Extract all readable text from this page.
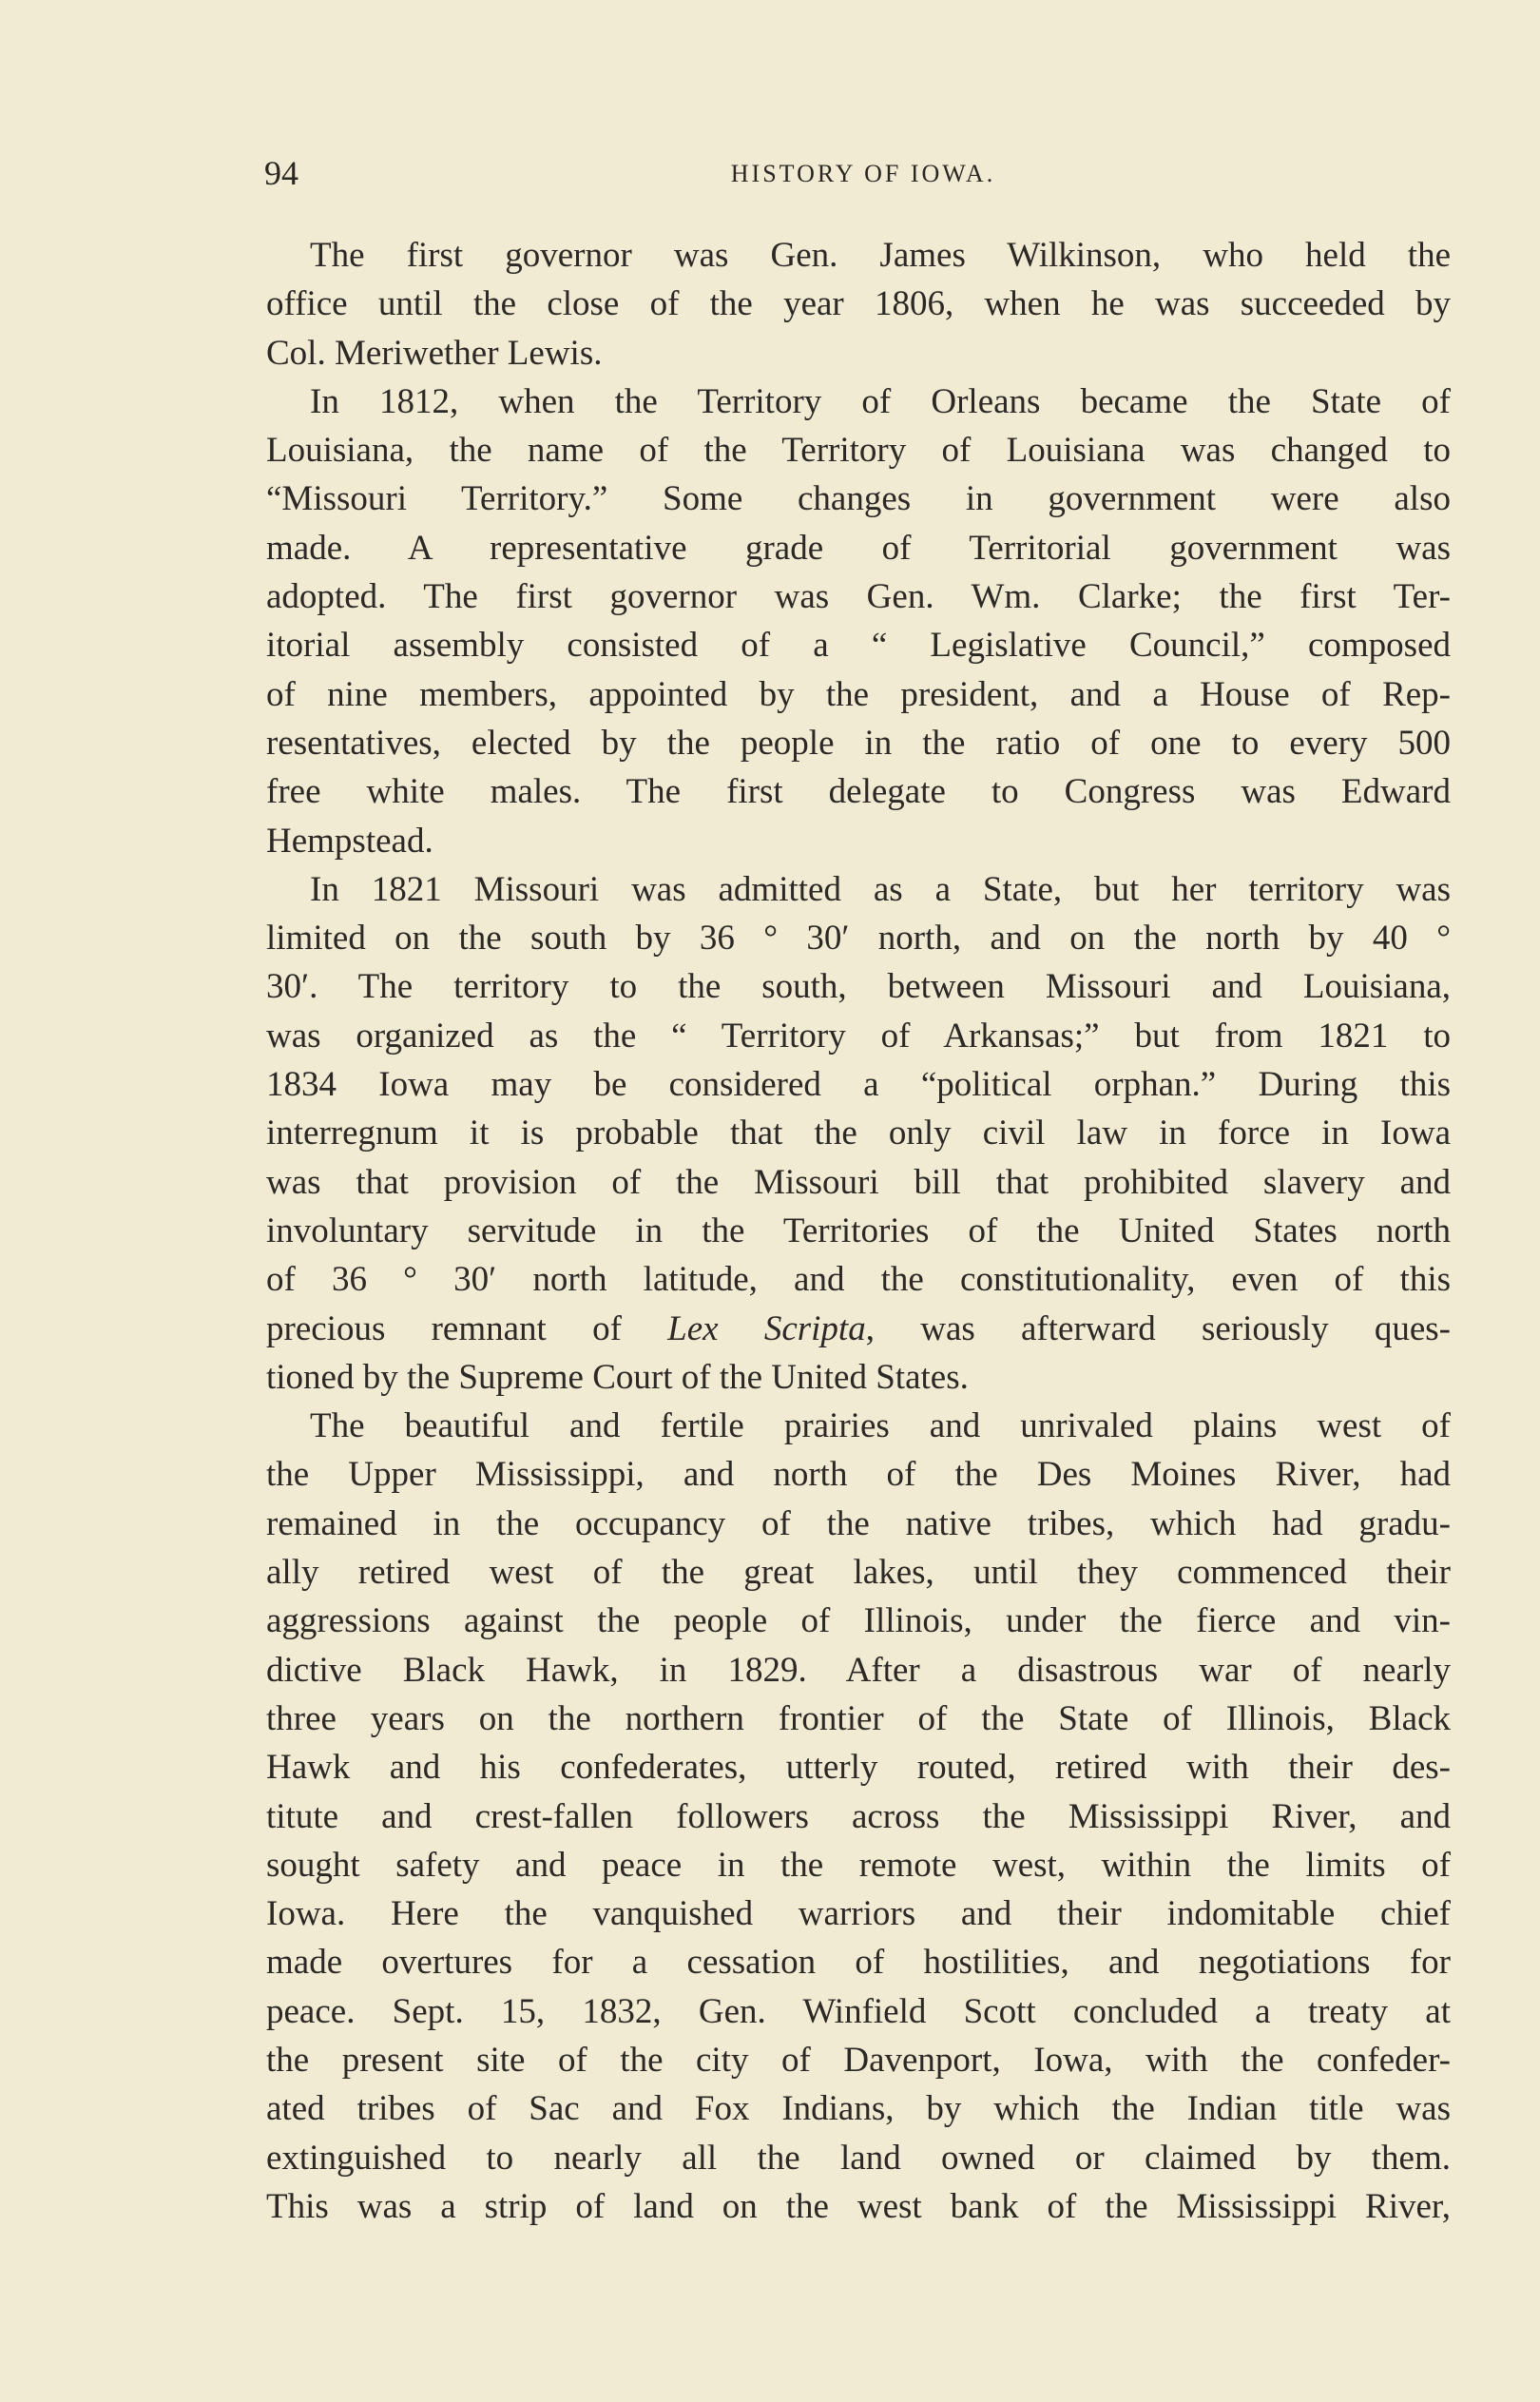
94	HISTORY OF IOWA.
The first governor was Gen. James Wilkinson, who held the
office until the close of the year 1806, when he was succeeded by
Col. Meriwether Lewis.
In 1812, when the Territory of Orleans became the State of
Louisiana, the name of the Territory of Louisiana was changed to
“Missouri Territory.” Some changes in government were also
made. A representative grade of Territorial government was
adopted. The first governor was Gen. Wm. Clarke; the first Ter-
itorial assembly consisted of a “ Legislative Council,” composed
of nine members, appointed by the president, and a House of Rep-
resentatives, elected by the people in the ratio of one to every 500
free white males. The first delegate to Congress was Edward
Hempstead.
In 1821 Missouri was admitted as a State, but her territory was
limited on the south by 36 ° 30′ north, and on the north by 40 °
30′. The territory to the south, between Missouri and Louisiana,
was organized as the “ Territory of Arkansas;” but from 1821 to
1834 Iowa may be considered a “political orphan.” During this
interregnum it is probable that the only civil law in force in Iowa
was that provision of the Missouri bill that prohibited slavery and
involuntary servitude in the Territories of the United States north
of 36 ° 30′ north latitude, and the constitutionality, even of this
precious remnant of Lex Scripta, was afterward seriously ques-
tioned by the Supreme Court of the United States.
The beautiful and fertile prairies and unrivaled plains west of
the Upper Mississippi, and north of the Des Moines River, had
remained in the occupancy of the native tribes, which had gradu-
ally retired west of the great lakes, until they commenced their
aggressions against the people of Illinois, under the fierce and vin-
dictive Black Hawk, in 1829. After a disastrous war of nearly
three years on the northern frontier of the State of Illinois, Black
Hawk and his confederates, utterly routed, retired with their des-
titute and crest-fallen followers across the Mississippi River, and
sought safety and peace in the remote west, within the limits of
Iowa. Here the vanquished warriors and their indomitable chief
made overtures for a cessation of hostilities, and negotiations for
peace. Sept. 15, 1832, Gen. Winfield Scott concluded a treaty at
the present site of the city of Davenport, Iowa, with the confeder-
ated tribes of Sac and Fox Indians, by which the Indian title was
extinguished to nearly all the land owned or claimed by them.
This was a strip of land on the west bank of the Mississippi River,
